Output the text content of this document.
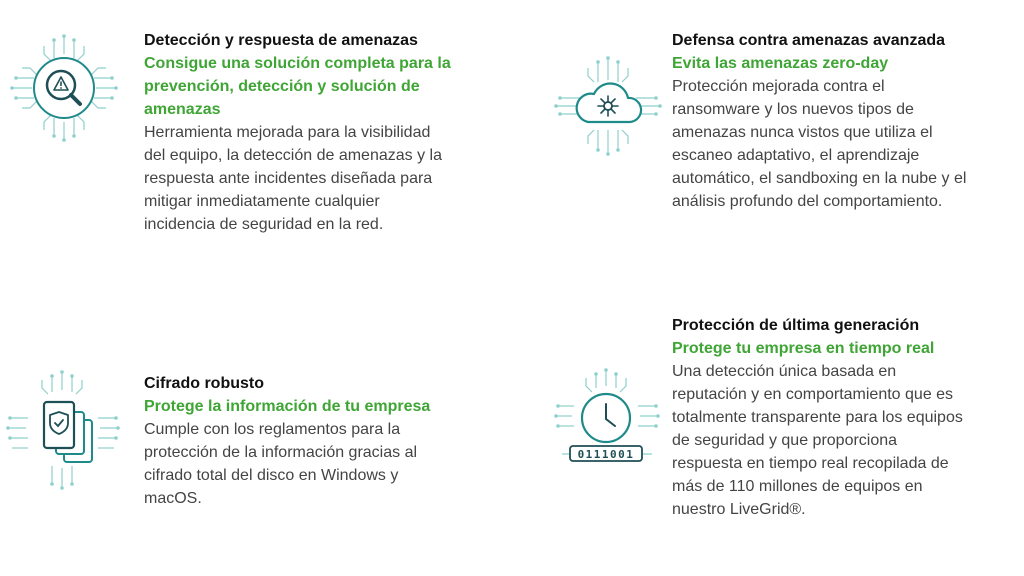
Detección y respuesta de amenazas
Consigue una solución completa para la
prevención, detección y solución de
amenazas
Herramienta mejorada para la visibilidad
del equipo, la detección de amenazas y la
respuesta ante incidentes diseñada para
mitigar inmediatamente cualquier
incidencia de seguridad en la red.
Defensa contra amenazas avanzada
Evita las amenazas zero-day
Protección mejorada contra el
ransomware y los nuevos tipos de
amenazas nunca vistos que utiliza el
escaneo adaptativo, el aprendizaje
automático, el sandboxing en la nube y el
análisis profundo del comportamiento.
Cifrado robusto
Protege la información de tu empresa
Cumple con los reglamentos para la
protección de la información gracias al
cifrado total del disco en Windows y
macOS.
0111001
Protección de última generación
Protege tu empresa en tiempo real
Una detección única basada en
reputación y en comportamiento que es
totalmente transparente para los equipos
de seguridad y que proporciona
respuesta en tiempo real recopilada de
más de 110 millones de equipos en
nuestro LiveGrid®.
